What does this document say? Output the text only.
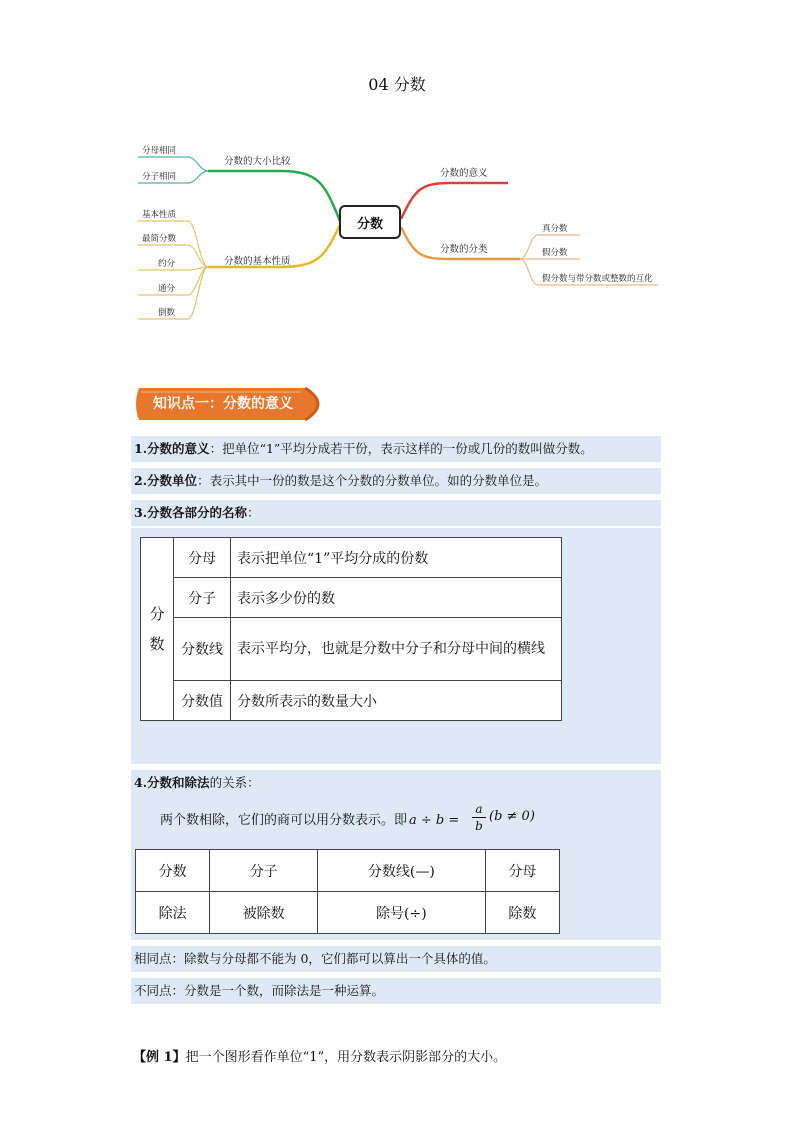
04 分数
分数
分数的大小比较
分母相同
分子相同
分数的基本性质
基本性质
最简分数
约分
通分
倒数
分数的意义
分数的分类
真分数
假分数
假分数与带分数或整数的互化
知识点一：分数的意义
1.分数的意义：把单位“1”平均分成若干份，表示这样的一份或几份的数叫做分数。
2.分数单位：表示其中一份的数是这个分数的分数单位。如的分数单位是。
3.分数各部分的名称：
分数	分母	表示把单位“1”平均分成的份数
	分子	表示多少份的数
	分数线	表示平均分，也就是分数中分子和分母中间的横线
	分数值	分数所表示的数量大小
4.分数和除法的关系：
两个数相除，它们的商可以用分数表示。即 a ÷ b =
a
b
(b ≠ 0)
分数	分子	分数线(—)	分母
除法	被除数	除号(÷)	除数
相同点：除数与分母都不能为 0，它们都可以算出一个具体的值。
不同点：分数是一个数，而除法是一种运算。
【例 1】把一个图形看作单位“1”，用分数表示阴影部分的大小。
